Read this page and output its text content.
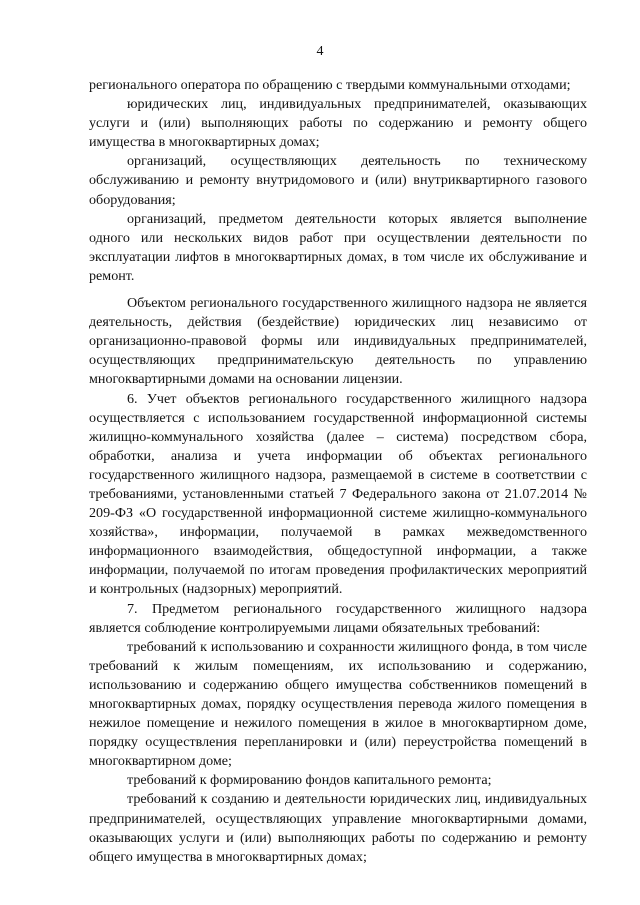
4

регионального оператора по обращению с твердыми коммунальными отходами;

юридических лиц, индивидуальных предпринимателей, оказывающих услуги и (или) выполняющих работы по содержанию и ремонту общего имущества в многоквартирных домах;

организаций, осуществляющих деятельность по техническому обслуживанию и ремонту внутридомового и (или) внутриквартирного газового оборудования;

организаций, предметом деятельности которых является выполнение одного или нескольких видов работ при осуществлении деятельности по эксплуатации лифтов в многоквартирных домах, в том числе их обслуживание и ремонт.

Объектом регионального государственного жилищного надзора не является деятельность, действия (бездействие) юридических лиц независимо от организационно-правовой формы или индивидуальных предпринимателей, осуществляющих предпринимательскую деятельность по управлению многоквартирными домами на основании лицензии.

6. Учет объектов регионального государственного жилищного надзора осуществляется с использованием государственной информационной системы жилищно-коммунального хозяйства (далее – система) посредством сбора, обработки, анализа и учета информации об объектах регионального государственного жилищного надзора, размещаемой в системе в соответствии с требованиями, установленными статьей 7 Федерального закона от 21.07.2014 № 209-ФЗ «О государственной информационной системе жилищно-коммунального хозяйства», информации, получаемой в рамках межведомственного информационного взаимодействия, общедоступной информации, а также информации, получаемой по итогам проведения профилактических мероприятий и контрольных (надзорных) мероприятий.

7. Предметом регионального государственного жилищного надзора является соблюдение контролируемыми лицами обязательных требований:

требований к использованию и сохранности жилищного фонда, в том числе требований к жилым помещениям, их использованию и содержанию, использованию и содержанию общего имущества собственников помещений в многоквартирных домах, порядку осуществления перевода жилого помещения в нежилое помещение и нежилого помещения в жилое в многоквартирном доме, порядку осуществления перепланировки и (или) переустройства помещений в многоквартирном доме;

требований к формированию фондов капитального ремонта;

требований к созданию и деятельности юридических лиц, индивидуальных предпринимателей, осуществляющих управление многоквартирными домами, оказывающих услуги и (или) выполняющих работы по содержанию и ремонту общего имущества в многоквартирных домах;
